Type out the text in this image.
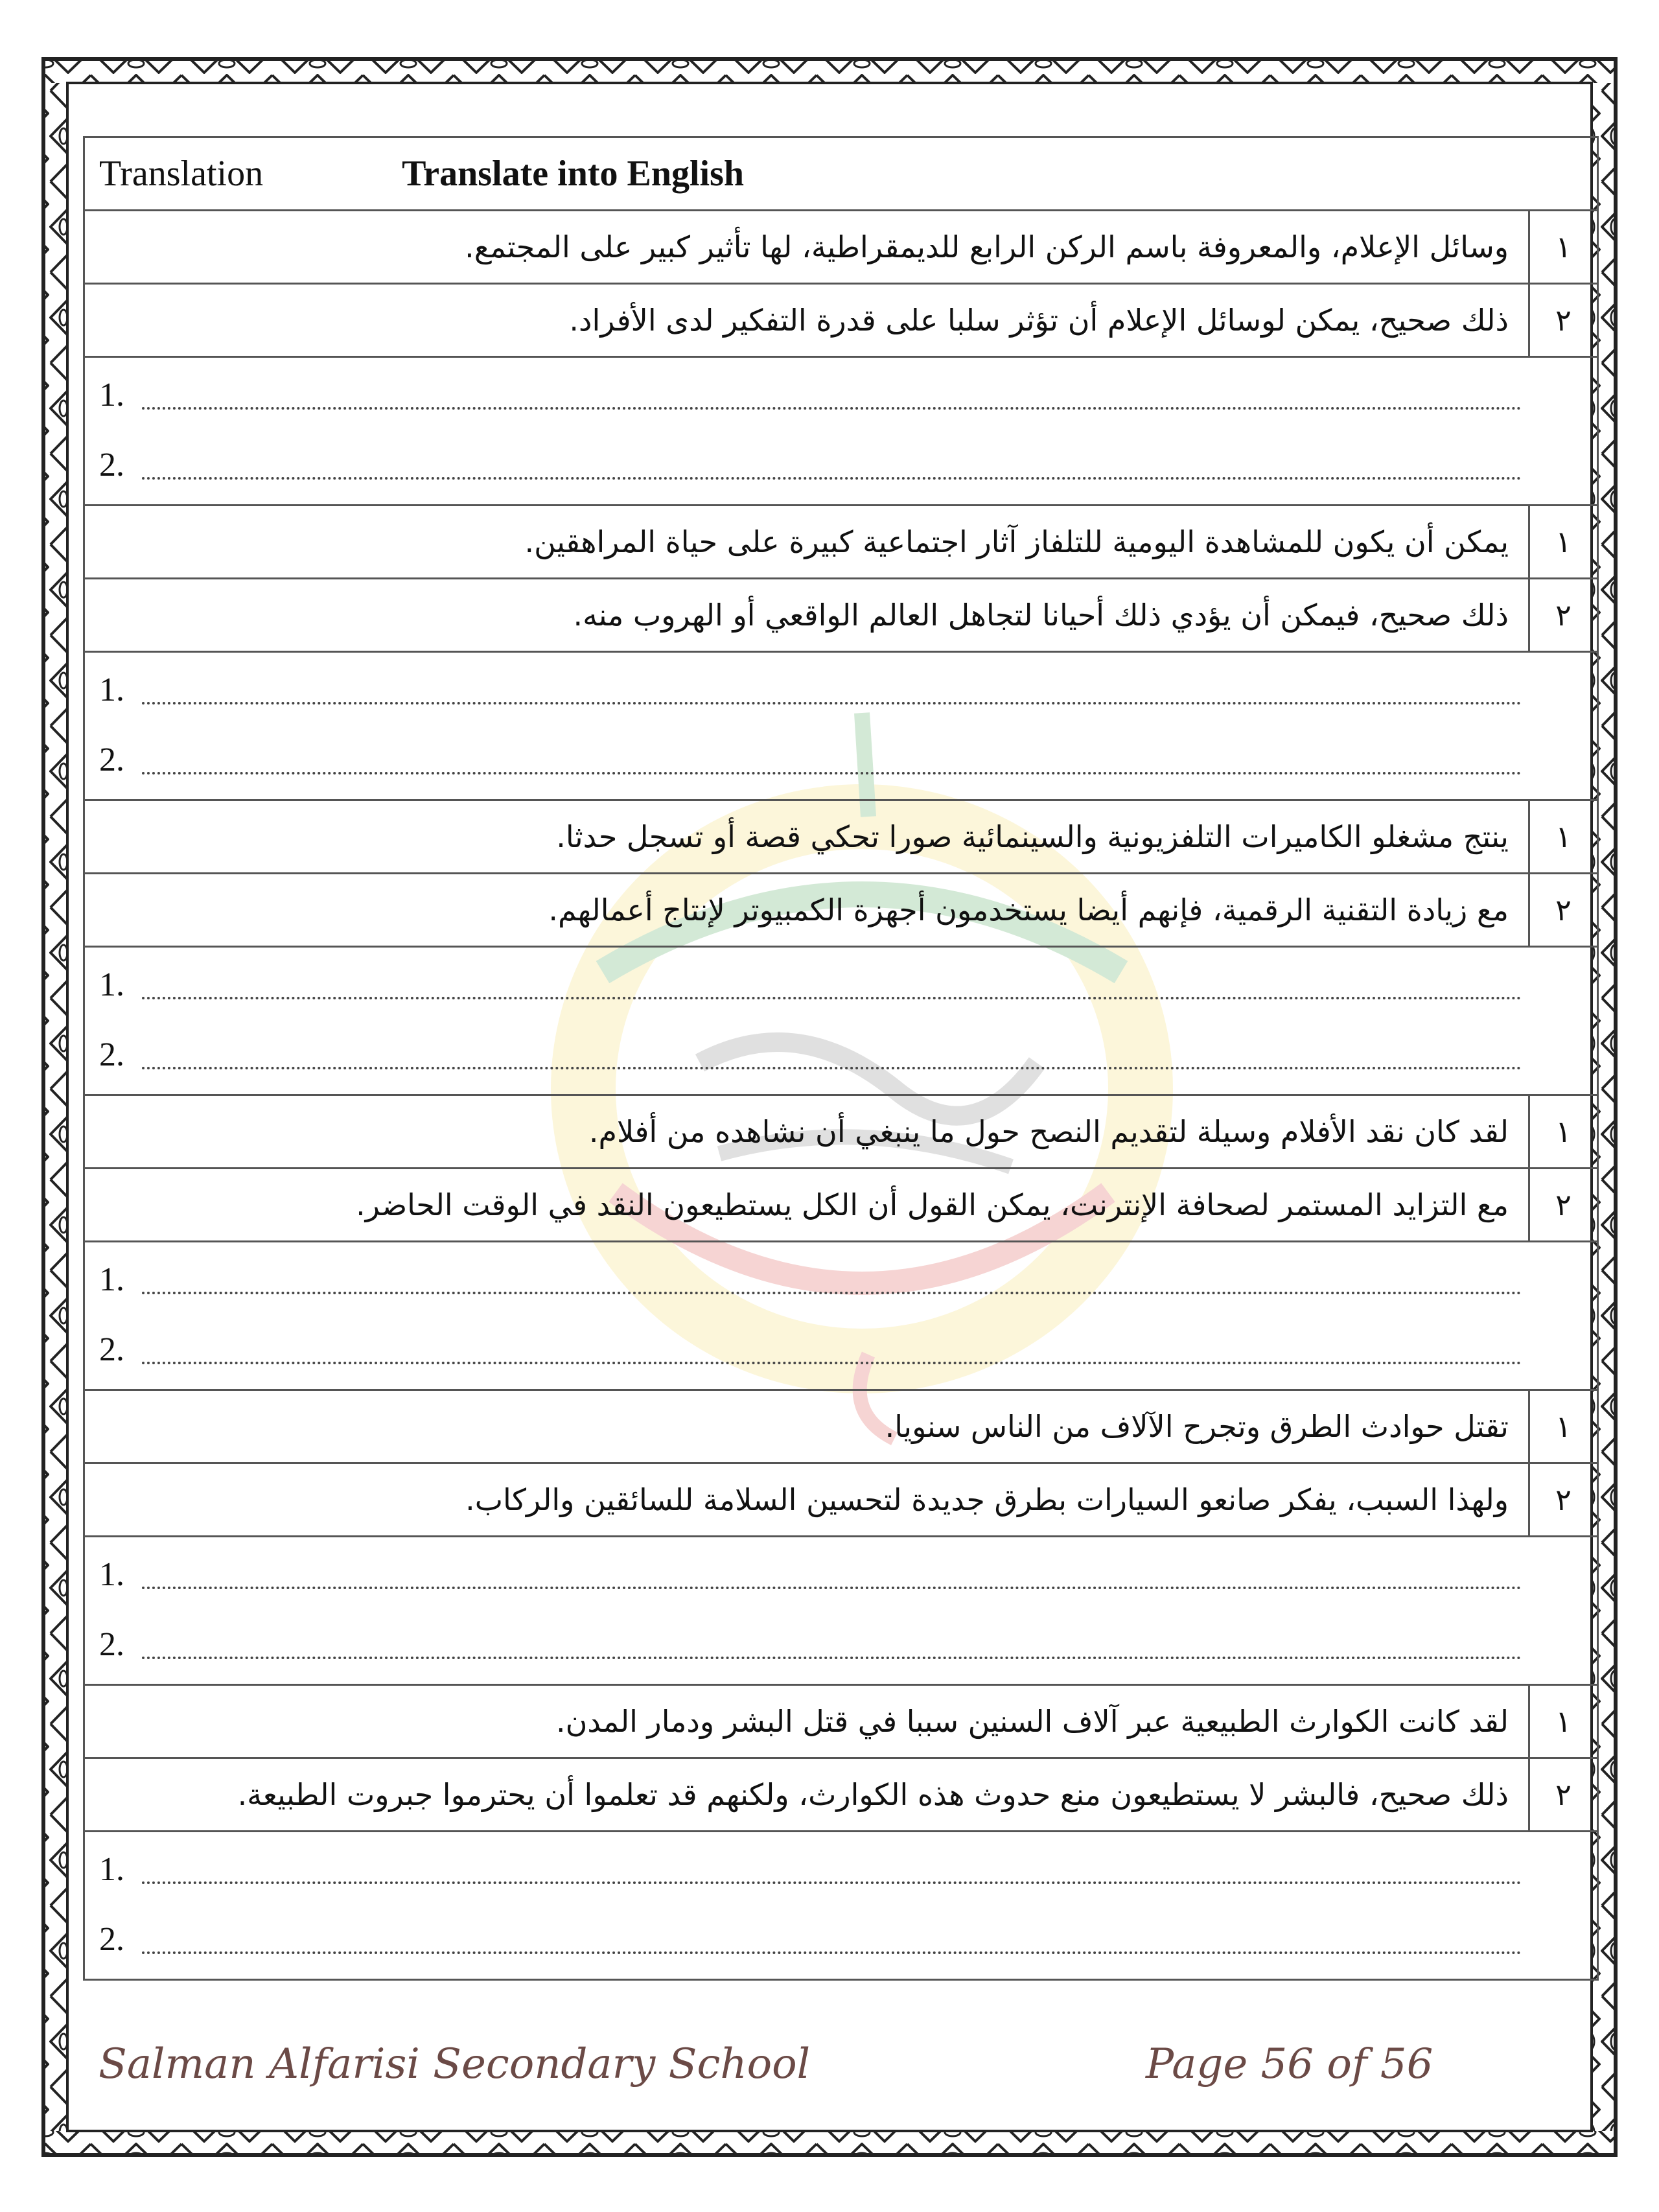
Translation Translate into English	
وسائل الإعلام، والمعروفة باسم الركن الرابع للديمقراطية، لها تأثير كبير على المجتمع.	١
ذلك صحيح، يمكن لوسائل الإعلام أن تؤثر سلبا على قدرة التفكير لدى الأفراد.	٢

1.
2.	

يمكن أن يكون للمشاهدة اليومية للتلفاز آثار اجتماعية كبيرة على حياة المراهقين.	١
ذلك صحيح، فيمكن أن يؤدي ذلك أحيانا لتجاهل العالم الواقعي أو الهروب منه.	٢

1.
2.	

ينتج مشغلو الكاميرات التلفزيونية والسينمائية صورا تحكي قصة أو تسجل حدثا.	١
مع زيادة التقنية الرقمية، فإنهم أيضا يستخدمون أجهزة الكمبيوتر لإنتاج أعمالهم.	٢

1.
2.	

لقد كان نقد الأفلام وسيلة لتقديم النصح حول ما ينبغي أن نشاهده من أفلام.	١
مع التزايد المستمر لصحافة الإنترنت، يمكن القول أن الكل يستطيعون النقد في الوقت الحاضر.	٢

1.
2.	

تقتل حوادث الطرق وتجرح الآلاف من الناس سنويا.	١
ولهذا السبب، يفكر صانعو السيارات بطرق جديدة لتحسين السلامة للسائقين والركاب.	٢

1.
2.	

لقد كانت الكوارث الطبيعية عبر آلاف السنين سببا في قتل البشر ودمار المدن.	١
ذلك صحيح، فالبشر لا يستطيعون منع حدوث هذه الكوارث، ولكنهم قد تعلموا أن يحترموا جبروت الطبيعة.	٢

1.
2.	
Salman Alfarisi Secondary School	Page 56 of 56
